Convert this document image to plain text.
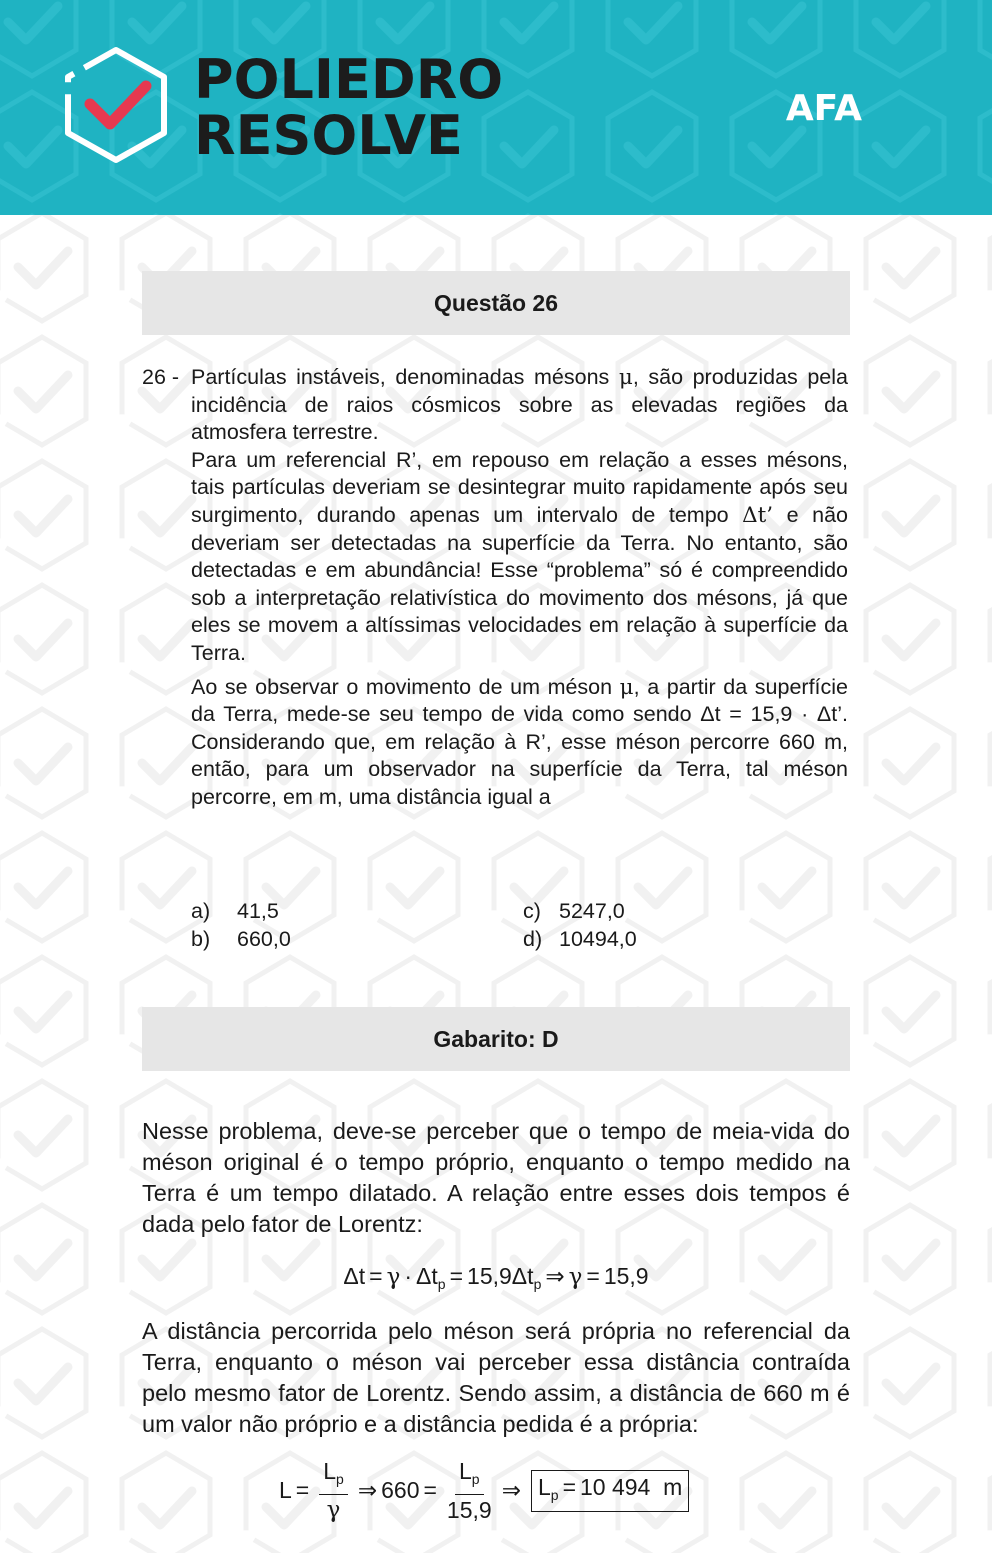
POLIEDRO
RESOLVE	AFA
Questão 26
26 - Partículas instáveis, denominadas mésons μ, são produzidas pela incidência de raios cósmicos sobre as elevadas regiões da atmosfera terrestre.

Para um referencial R’, em repouso em relação a esses mésons, tais partículas deveriam se desintegrar muito rapidamente após seu surgimento, durando apenas um intervalo de tempo Δt’ e não deveriam ser detectadas na superfície da Terra. No entanto, são detectadas e em abundância! Esse “problema” só é compreendido sob a interpretação relativística do movimento dos mésons, já que eles se movem a altíssimas velocidades em relação à superfície da Terra.

Ao se observar o movimento de um méson μ, a partir da superfície da Terra, mede-se seu tempo de vida como sendo Δt = 15,9 · Δt’. Considerando que, em relação à R’, esse méson percorre 660 m, então, para um observador na superfície da Terra, tal méson percorre, em m, uma distância igual a

a) 41,5
b) 660,0
c) 5247,0
d) 10494,0
Gabarito: D

Nesse problema, deve-se perceber que o tempo de meia-vida do méson original é o tempo próprio, enquanto o tempo medido na Terra é um tempo dilatado. A relação entre esses dois tempos é dada pelo fator de Lorentz:

$\Delta t = \gamma \cdot \Delta t_p = 15,9\Delta t_p$ ⇒ γ = 15,9

A distância percorrida pelo méson será própria no referencial da Terra, enquanto o méson vai perceber essa distância contraída pelo mesmo fator de Lorentz. Sendo assim, a distância de 660 m é um valor não próprio e a distância pedida é a própria:

$L = \frac{L_p}{\gamma}$ ⇒ $660 = \frac{L_p}{15,9}$ ⇒ $L_p = 10$ 494 m
